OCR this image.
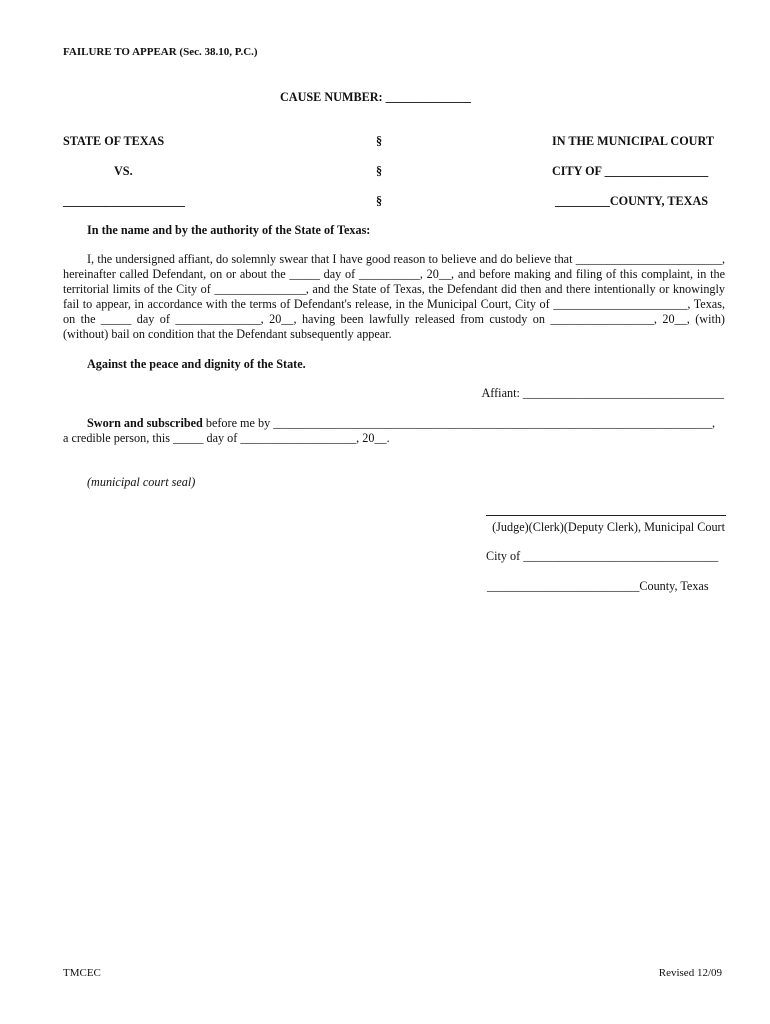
FAILURE TO APPEAR (Sec. 38.10, P.C.)
CAUSE NUMBER: ______________
STATE OF TEXAS
VS.
____________________
§
§
§
IN THE MUNICIPAL COURT
CITY OF _________________
_________COUNTY, TEXAS
In the name and by the authority of the State of Texas:
I, the undersigned affiant, do solemnly swear that I have good reason to believe and do believe that ________________________,
hereinafter called Defendant, on or about the _____ day of __________, 20__, and before making and filing of this complaint, in the
territorial limits of the City of _______________, and the State of Texas, the Defendant did then and there intentionally or knowingly
fail to appear, in accordance with the terms of Defendant's release, in the Municipal Court, City of ______________________, Texas,
on the _____ day of ______________, 20__, having been lawfully released from custody on _________________, 20__, (with)
(without) bail on condition that the Defendant subsequently appear.
Against the peace and dignity of the State.
Affiant: _________________________________
Sworn and subscribed before me by ________________________________________________________________________,
a credible person, this _____ day of ___________________, 20__.
(municipal court seal)
(Judge)(Clerk)(Deputy Clerk), Municipal Court
City of ________________________________
_________________________County, Texas
TMCEC	Revised 12/09
